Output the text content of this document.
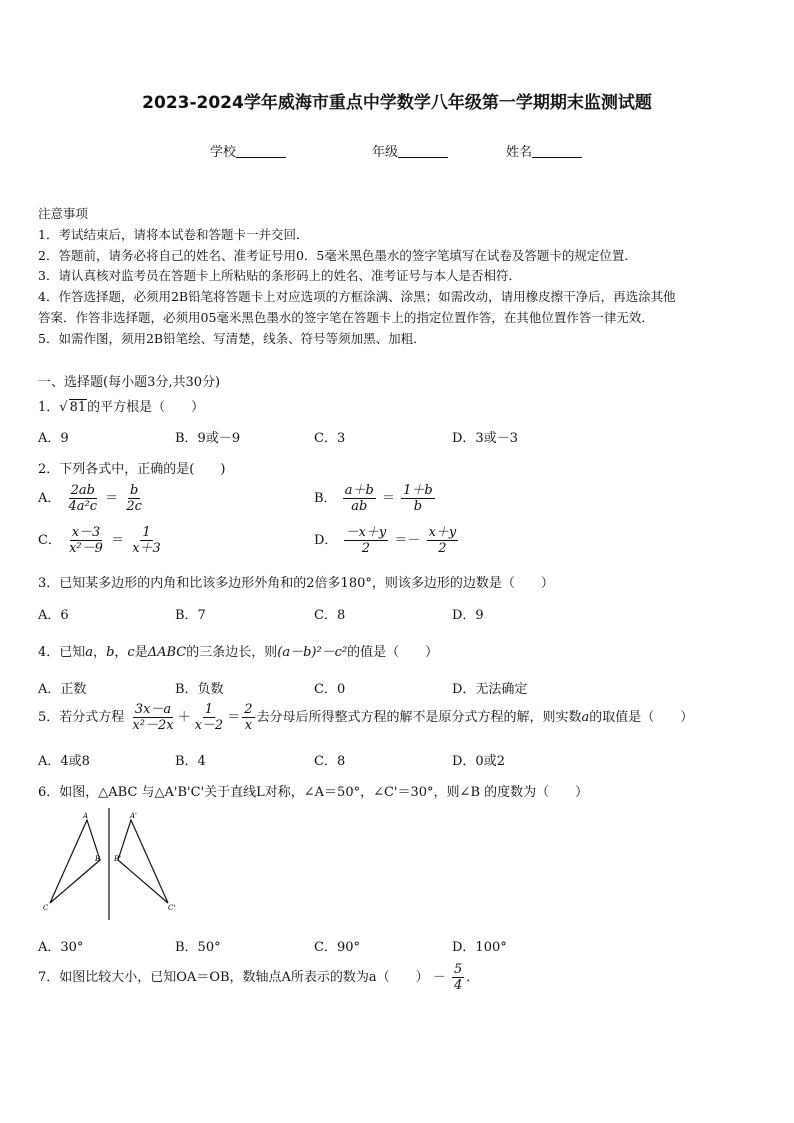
2023-2024学年威海市重点中学数学八年级第一学期期末监测试题
学校	年级	姓名
注意事项
1．考试结束后，请将本试卷和答题卡一并交回．
2．答题前，请务必将自己的姓名、准考证号用0．5毫米黑色墨水的签字笔填写在试卷及答题卡的规定位置．
3．请认真核对监考员在答题卡上所粘贴的条形码上的姓名、准考证号与本人是否相符．
4．作答选择题，必须用2B铅笔将答题卡上对应选项的方框涂满、涂黑；如需改动，请用橡皮擦干净后，再选涂其他
答案．作答非选择题，必须用05毫米黑色墨水的签字笔在答题卡上的指定位置作答，在其他位置作答一律无效．
5．如需作图，须用2B铅笔绘、写清楚，线条、符号等须加黑、加粗．
一、选择题(每小题3分,共30分)
1．√ 81的平方根是（　　）
A．9	B．9或－9	C．3	D．3或－3
2．下列各式中，正确的是(　　)
A． $\frac{2ab}{\text{4a²c}} = \frac{b}{2c}$	B． $\frac{a+b}{ab} = \frac{1+b}{b}$
C． $\frac{x-3}{\text{x²－9}} = \frac{1}{x+3}$	D． $\frac{-x+y}{2} =- \frac{x+y}{2}$
3．已知某多边形的内角和比该多边形外角和的2倍多180°，则该多边形的边数是（　　）
A．6	B．7	C．8	D．9
4．已知a，b，c是ΔABC的三条边长，则(a－b)²－c²的值是（　　）
A．正数	B．负数	C．0	D．无法确定
5．若分式方程 $\frac{3x-a}{\text{x²－2x}} + \frac{1}{x-2} = \frac{2}{x}$ 去分母后所得整式方程的解不是原分式方程的解，则实数a的取值是（　　）
A．4或8	B．4	C．8	D．0或2
6．如图，△ABC 与△A'B'C'关于直线L对称，∠A＝50°，∠C'＝30°，则∠B 的度数为（　　）
A
B
C
A'
B'
C'
A．30°	B．50°	C．90°	D．100°
7．如图比较大小，已知OA＝OB，数轴点A所表示的数为a（　　） － $\frac{5}{4}$ ．
